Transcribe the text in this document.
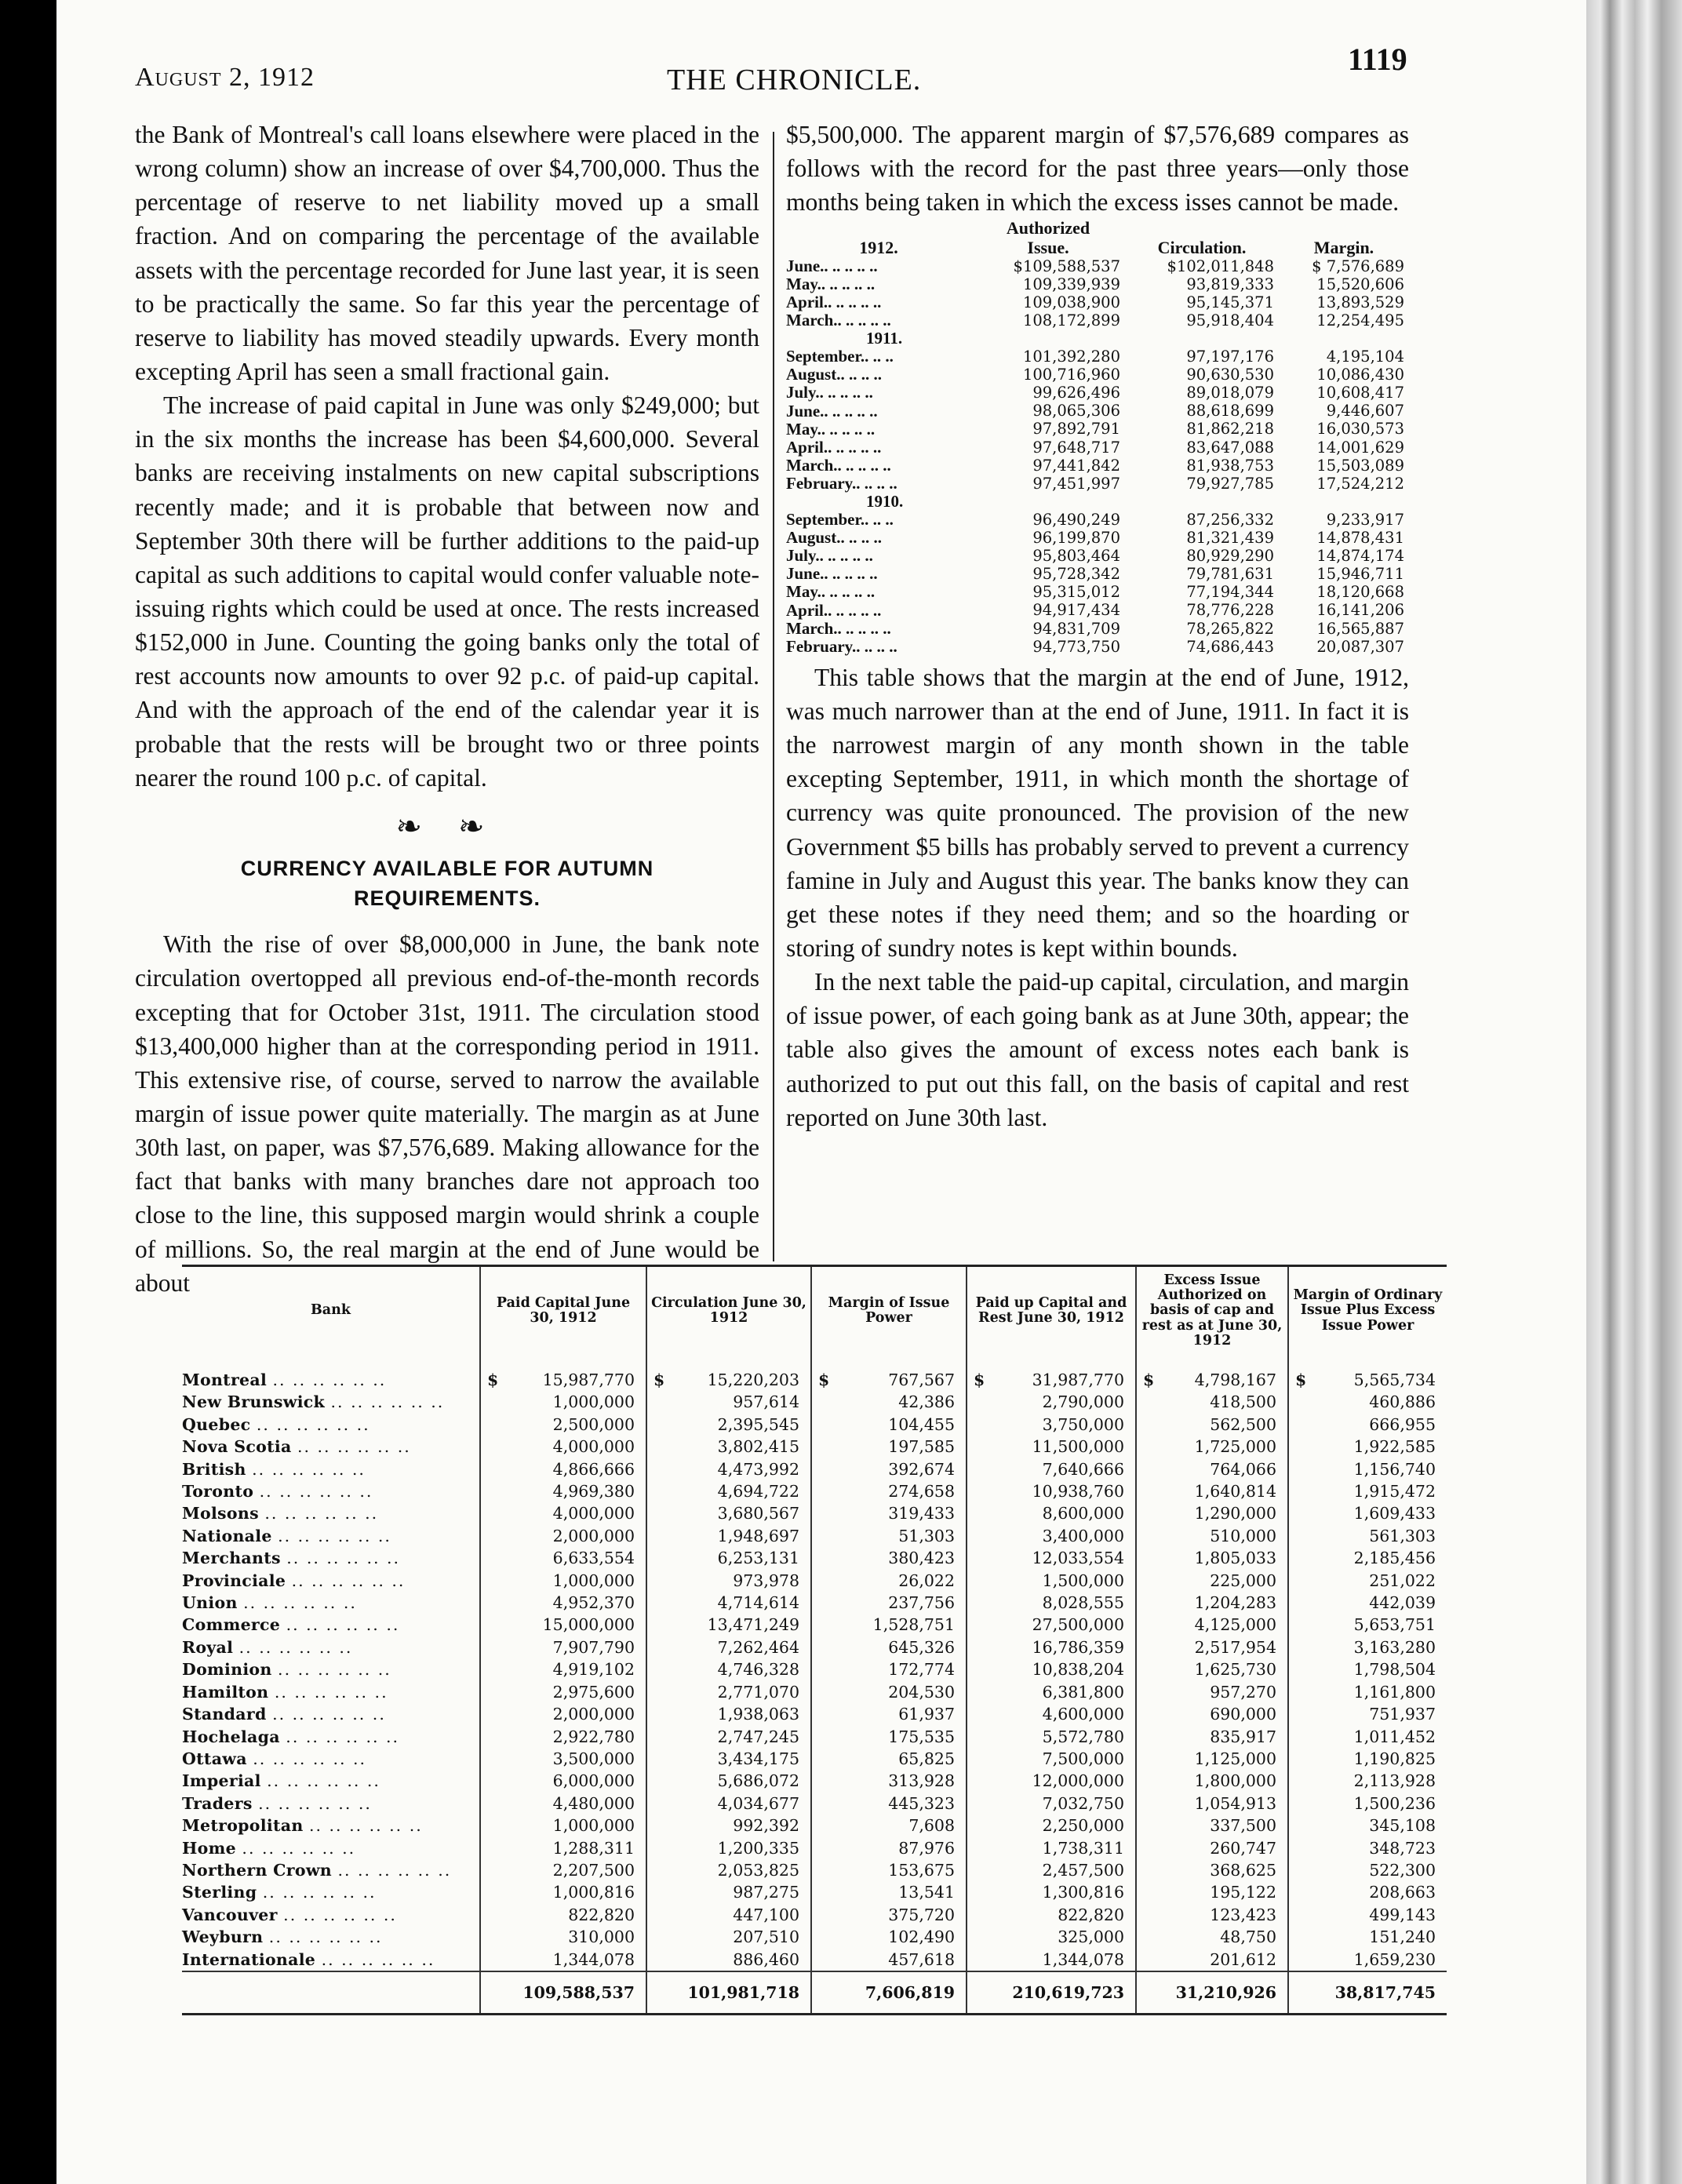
August 2, 1912	THE CHRONICLE.
1119

the Bank of Montreal's call loans elsewhere were placed in the wrong column) show an increase of over $4,700,000. Thus the percentage of reserve to net liability moved up a small fraction. And on comparing the percentage of the available assets with the percentage recorded for June last year, it is seen to be practically the same. So far this year the percentage of reserve to liability has moved steadily upwards. Every month excepting April has seen a small fractional gain.

The increase of paid capital in June was only $249,000; but in the six months the increase has been $4,600,000. Several banks are receiving instalments on new capital subscriptions recently made; and it is probable that between now and September 30th there will be further additions to the paid-up capital as such additions to capital would confer valuable note-issuing rights which could be used at once. The rests increased $152,000 in June. Counting the going banks only the total of rest accounts now amounts to over 92 p.c. of paid-up capital. And with the approach of the end of the calendar year it is probable that the rests will be brought two or three points nearer the round 100 p.c. of capital.

❧ ❧
CURRENCY AVAILABLE FOR AUTUMN
REQUIREMENTS.

With the rise of over $8,000,000 in June, the bank note circulation overtopped all previous end-of-the-month records excepting that for October 31st, 1911. The circulation stood $13,400,000 higher than at the corresponding period in 1911. This extensive rise, of course, served to narrow the available margin of issue power quite materially. The margin as at June 30th last, on paper, was $7,576,689. Making allowance for the fact that banks with many branches dare not approach too close to the line, this supposed margin would shrink a couple of millions. So, the real margin at the end of June would be about

$5,500,000. The apparent margin of $7,576,689 compares as follows with the record for the past three years—only those months being taken in which the excess isses cannot be made.

	Authorized		
1912.	Issue.	Circulation.	Margin.
June.. .. .. .. ..	$109,588,537	$102,011,848	$ 7,576,689
May.. .. .. .. ..	109,339,939	93,819,333	15,520,606
April.. .. .. .. ..	109,038,900	95,145,371	13,893,529
March.. .. .. .. ..	108,172,899	95,918,404	12,254,495
1911.			
September.. .. ..	101,392,280	97,197,176	4,195,104
August.. .. .. ..	100,716,960	90,630,530	10,086,430
July.. .. .. .. ..	99,626,496	89,018,079	10,608,417
June.. .. .. .. ..	98,065,306	88,618,699	9,446,607
May.. .. .. .. ..	97,892,791	81,862,218	16,030,573
April.. .. .. .. ..	97,648,717	83,647,088	14,001,629
March.. .. .. .. ..	97,441,842	81,938,753	15,503,089
February.. .. .. ..	97,451,997	79,927,785	17,524,212
1910.			
September.. .. ..	96,490,249	87,256,332	9,233,917
August.. .. .. ..	96,199,870	81,321,439	14,878,431
July.. .. .. .. ..	95,803,464	80,929,290	14,874,174
June.. .. .. .. ..	95,728,342	79,781,631	15,946,711
May.. .. .. .. ..	95,315,012	77,194,344	18,120,668
April.. .. .. .. ..	94,917,434	78,776,228	16,141,206
March.. .. .. .. ..	94,831,709	78,265,822	16,565,887
February.. .. .. ..	94,773,750	74,686,443	20,087,307

This table shows that the margin at the end of June, 1912, was much narrower than at the end of June, 1911. In fact it is the narrowest margin of any month shown in the table excepting September, 1911, in which month the shortage of currency was quite pronounced. The provision of the new Government $5 bills has probably served to prevent a currency famine in July and August this year. The banks know they can get these notes if they need them; and so the hoarding or storing of sundry notes is kept within bounds.

In the next table the paid-up capital, circulation, and margin of issue power, of each going bank as at June 30th, appear; the table also gives the amount of excess notes each bank is authorized to put out this fall, on the basis of capital and rest reported on June 30th last.

Bank	Paid Capital June 30, 1912	Circulation June 30, 1912	Margin of Issue Power	Paid up Capital and Rest June 30, 1912	Excess Issue Authorized on basis of cap and rest as at June 30, 1912	Margin of Ordinary Issue Plus Excess Issue Power
Montreal .. .. .. .. .. ..	$ 15,987,770	$ 15,220,203	$ 767,567	$ 31,987,770	$ 4,798,167	$ 5,565,734
New Brunswick .. .. .. .. .. ..	1,000,000	957,614	42,386	2,790,000	418,500	460,886
Quebec .. .. .. .. .. ..	2,500,000	2,395,545	104,455	3,750,000	562,500	666,955
Nova Scotia .. .. .. .. .. ..	4,000,000	3,802,415	197,585	11,500,000	1,725,000	1,922,585
British .. .. .. .. .. ..	4,866,666	4,473,992	392,674	7,640,666	764,066	1,156,740
Toronto .. .. .. .. .. ..	4,969,380	4,694,722	274,658	10,938,760	1,640,814	1,915,472
Molsons .. .. .. .. .. ..	4,000,000	3,680,567	319,433	8,600,000	1,290,000	1,609,433
Nationale .. .. .. .. .. ..	2,000,000	1,948,697	51,303	3,400,000	510,000	561,303
Merchants .. .. .. .. .. ..	6,633,554	6,253,131	380,423	12,033,554	1,805,033	2,185,456
Provinciale .. .. .. .. .. ..	1,000,000	973,978	26,022	1,500,000	225,000	251,022
Union .. .. .. .. .. ..	4,952,370	4,714,614	237,756	8,028,555	1,204,283	442,039
Commerce .. .. .. .. .. ..	15,000,000	13,471,249	1,528,751	27,500,000	4,125,000	5,653,751
Royal .. .. .. .. .. ..	7,907,790	7,262,464	645,326	16,786,359	2,517,954	3,163,280
Dominion .. .. .. .. .. ..	4,919,102	4,746,328	172,774	10,838,204	1,625,730	1,798,504
Hamilton .. .. .. .. .. ..	2,975,600	2,771,070	204,530	6,381,800	957,270	1,161,800
Standard .. .. .. .. .. ..	2,000,000	1,938,063	61,937	4,600,000	690,000	751,937
Hochelaga .. .. .. .. .. ..	2,922,780	2,747,245	175,535	5,572,780	835,917	1,011,452
Ottawa .. .. .. .. .. ..	3,500,000	3,434,175	65,825	7,500,000	1,125,000	1,190,825
Imperial .. .. .. .. .. ..	6,000,000	5,686,072	313,928	12,000,000	1,800,000	2,113,928
Traders .. .. .. .. .. ..	4,480,000	4,034,677	445,323	7,032,750	1,054,913	1,500,236
Metropolitan .. .. .. .. .. ..	1,000,000	992,392	7,608	2,250,000	337,500	345,108
Home .. .. .. .. .. ..	1,288,311	1,200,335	87,976	1,738,311	260,747	348,723
Northern Crown .. .. .. .. .. ..	2,207,500	2,053,825	153,675	2,457,500	368,625	522,300
Sterling .. .. .. .. .. ..	1,000,816	987,275	13,541	1,300,816	195,122	208,663
Vancouver .. .. .. .. .. ..	822,820	447,100	375,720	822,820	123,423	499,143
Weyburn .. .. .. .. .. ..	310,000	207,510	102,490	325,000	48,750	151,240
Internationale .. .. .. .. .. ..	1,344,078	886,460	457,618	1,344,078	201,612	1,659,230
	109,588,537	101,981,718	7,606,819	210,619,723	31,210,926	38,817,745
